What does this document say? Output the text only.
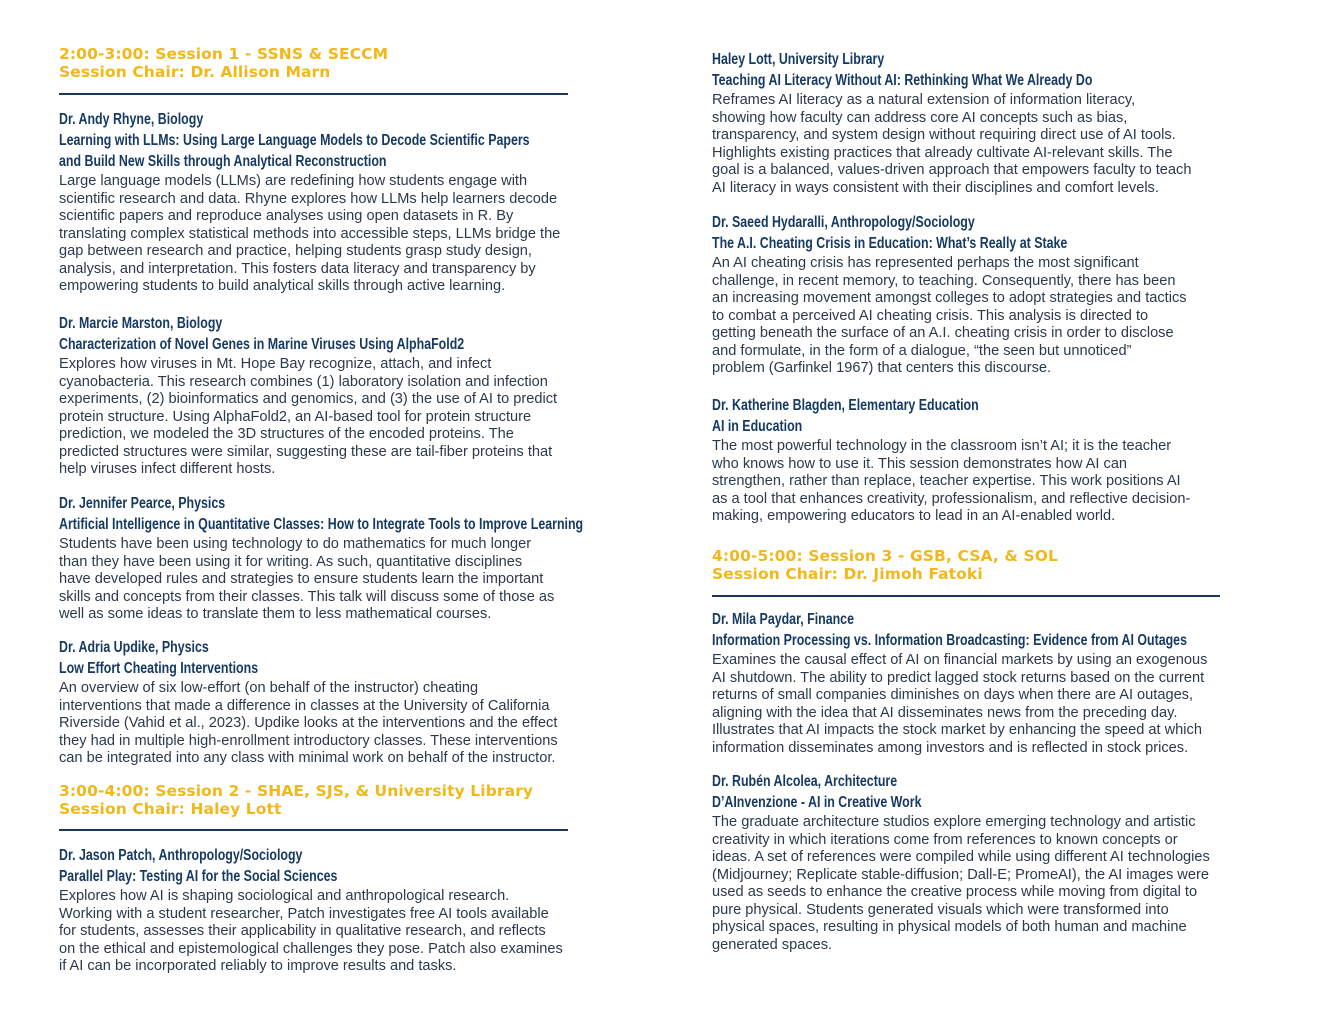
2:00-3:00: Session 1 - SSNS & SECCM
Session Chair: Dr. Allison Marn
Dr. Andy Rhyne, Biology
Learning with LLMs: Using Large Language Models to Decode Scientific Papers
and Build New Skills through Analytical Reconstruction
Large language models (LLMs) are redefining how students engage with
scientific research and data. Rhyne explores how LLMs help learners decode
scientific papers and reproduce analyses using open datasets in R. By
translating complex statistical methods into accessible steps, LLMs bridge the
gap between research and practice, helping students grasp study design,
analysis, and interpretation. This fosters data literacy and transparency by
empowering students to build analytical skills through active learning.
Dr. Marcie Marston, Biology
Characterization of Novel Genes in Marine Viruses Using AlphaFold2
Explores how viruses in Mt. Hope Bay recognize, attach, and infect
cyanobacteria. This research combines (1) laboratory isolation and infection
experiments, (2) bioinformatics and genomics, and (3) the use of AI to predict
protein structure. Using AlphaFold2, an AI-based tool for protein structure
prediction, we modeled the 3D structures of the encoded proteins. The
predicted structures were similar, suggesting these are tail-fiber proteins that
help viruses infect different hosts.
Dr. Jennifer Pearce, Physics
Artificial Intelligence in Quantitative Classes: How to Integrate Tools to Improve Learning
Students have been using technology to do mathematics for much longer
than they have been using it for writing. As such, quantitative disciplines
have developed rules and strategies to ensure students learn the important
skills and concepts from their classes. This talk will discuss some of those as
well as some ideas to translate them to less mathematical courses.
Dr. Adria Updike, Physics
Low Effort Cheating Interventions
An overview of six low-effort (on behalf of the instructor) cheating
interventions that made a difference in classes at the University of California
Riverside (Vahid et al., 2023). Updike looks at the interventions and the effect
they had in multiple high-enrollment introductory classes. These interventions
can be integrated into any class with minimal work on behalf of the instructor.
3:00-4:00: Session 2 - SHAE, SJS, & University Library
Session Chair: Haley Lott
Dr. Jason Patch, Anthropology/Sociology
Parallel Play: Testing AI for the Social Sciences
Explores how AI is shaping sociological and anthropological research.
Working with a student researcher, Patch investigates free AI tools available
for students, assesses their applicability in qualitative research, and reflects
on the ethical and epistemological challenges they pose. Patch also examines
if AI can be incorporated reliably to improve results and tasks.
Haley Lott, University Library
Teaching AI Literacy Without AI: Rethinking What We Already Do
Reframes AI literacy as a natural extension of information literacy,
showing how faculty can address core AI concepts such as bias,
transparency, and system design without requiring direct use of AI tools.
Highlights existing practices that already cultivate AI-relevant skills. The
goal is a balanced, values-driven approach that empowers faculty to teach
AI literacy in ways consistent with their disciplines and comfort levels.
Dr. Saeed Hydaralli, Anthropology/Sociology
The A.I. Cheating Crisis in Education: What’s Really at Stake
An AI cheating crisis has represented perhaps the most significant
challenge, in recent memory, to teaching. Consequently, there has been
an increasing movement amongst colleges to adopt strategies and tactics
to combat a perceived AI cheating crisis. This analysis is directed to
getting beneath the surface of an A.I. cheating crisis in order to disclose
and formulate, in the form of a dialogue, “the seen but unnoticed”
problem (Garfinkel 1967) that centers this discourse.
Dr. Katherine Blagden, Elementary Education
AI in Education
The most powerful technology in the classroom isn’t AI; it is the teacher
who knows how to use it. This session demonstrates how AI can
strengthen, rather than replace, teacher expertise. This work positions AI
as a tool that enhances creativity, professionalism, and reflective decision-
making, empowering educators to lead in an AI-enabled world.
4:00-5:00: Session 3 - GSB, CSA, & SOL
Session Chair: Dr. Jimoh Fatoki
Dr. Mila Paydar, Finance
Information Processing vs. Information Broadcasting: Evidence from AI Outages
Examines the causal effect of AI on financial markets by using an exogenous
AI shutdown. The ability to predict lagged stock returns based on the current
returns of small companies diminishes on days when there are AI outages,
aligning with the idea that AI disseminates news from the preceding day.
Illustrates that AI impacts the stock market by enhancing the speed at which
information disseminates among investors and is reflected in stock prices.
Dr. Rubén Alcolea, Architecture
D’AInvenzione - AI in Creative Work
The graduate architecture studios explore emerging technology and artistic
creativity in which iterations come from references to known concepts or
ideas. A set of references were compiled while using different AI technologies
(Midjourney; Replicate stable-diffusion; Dall-E; PromeAI), the AI images were
used as seeds to enhance the creative process while moving from digital to
pure physical. Students generated visuals which were transformed into
physical spaces, resulting in physical models of both human and machine
generated spaces.
